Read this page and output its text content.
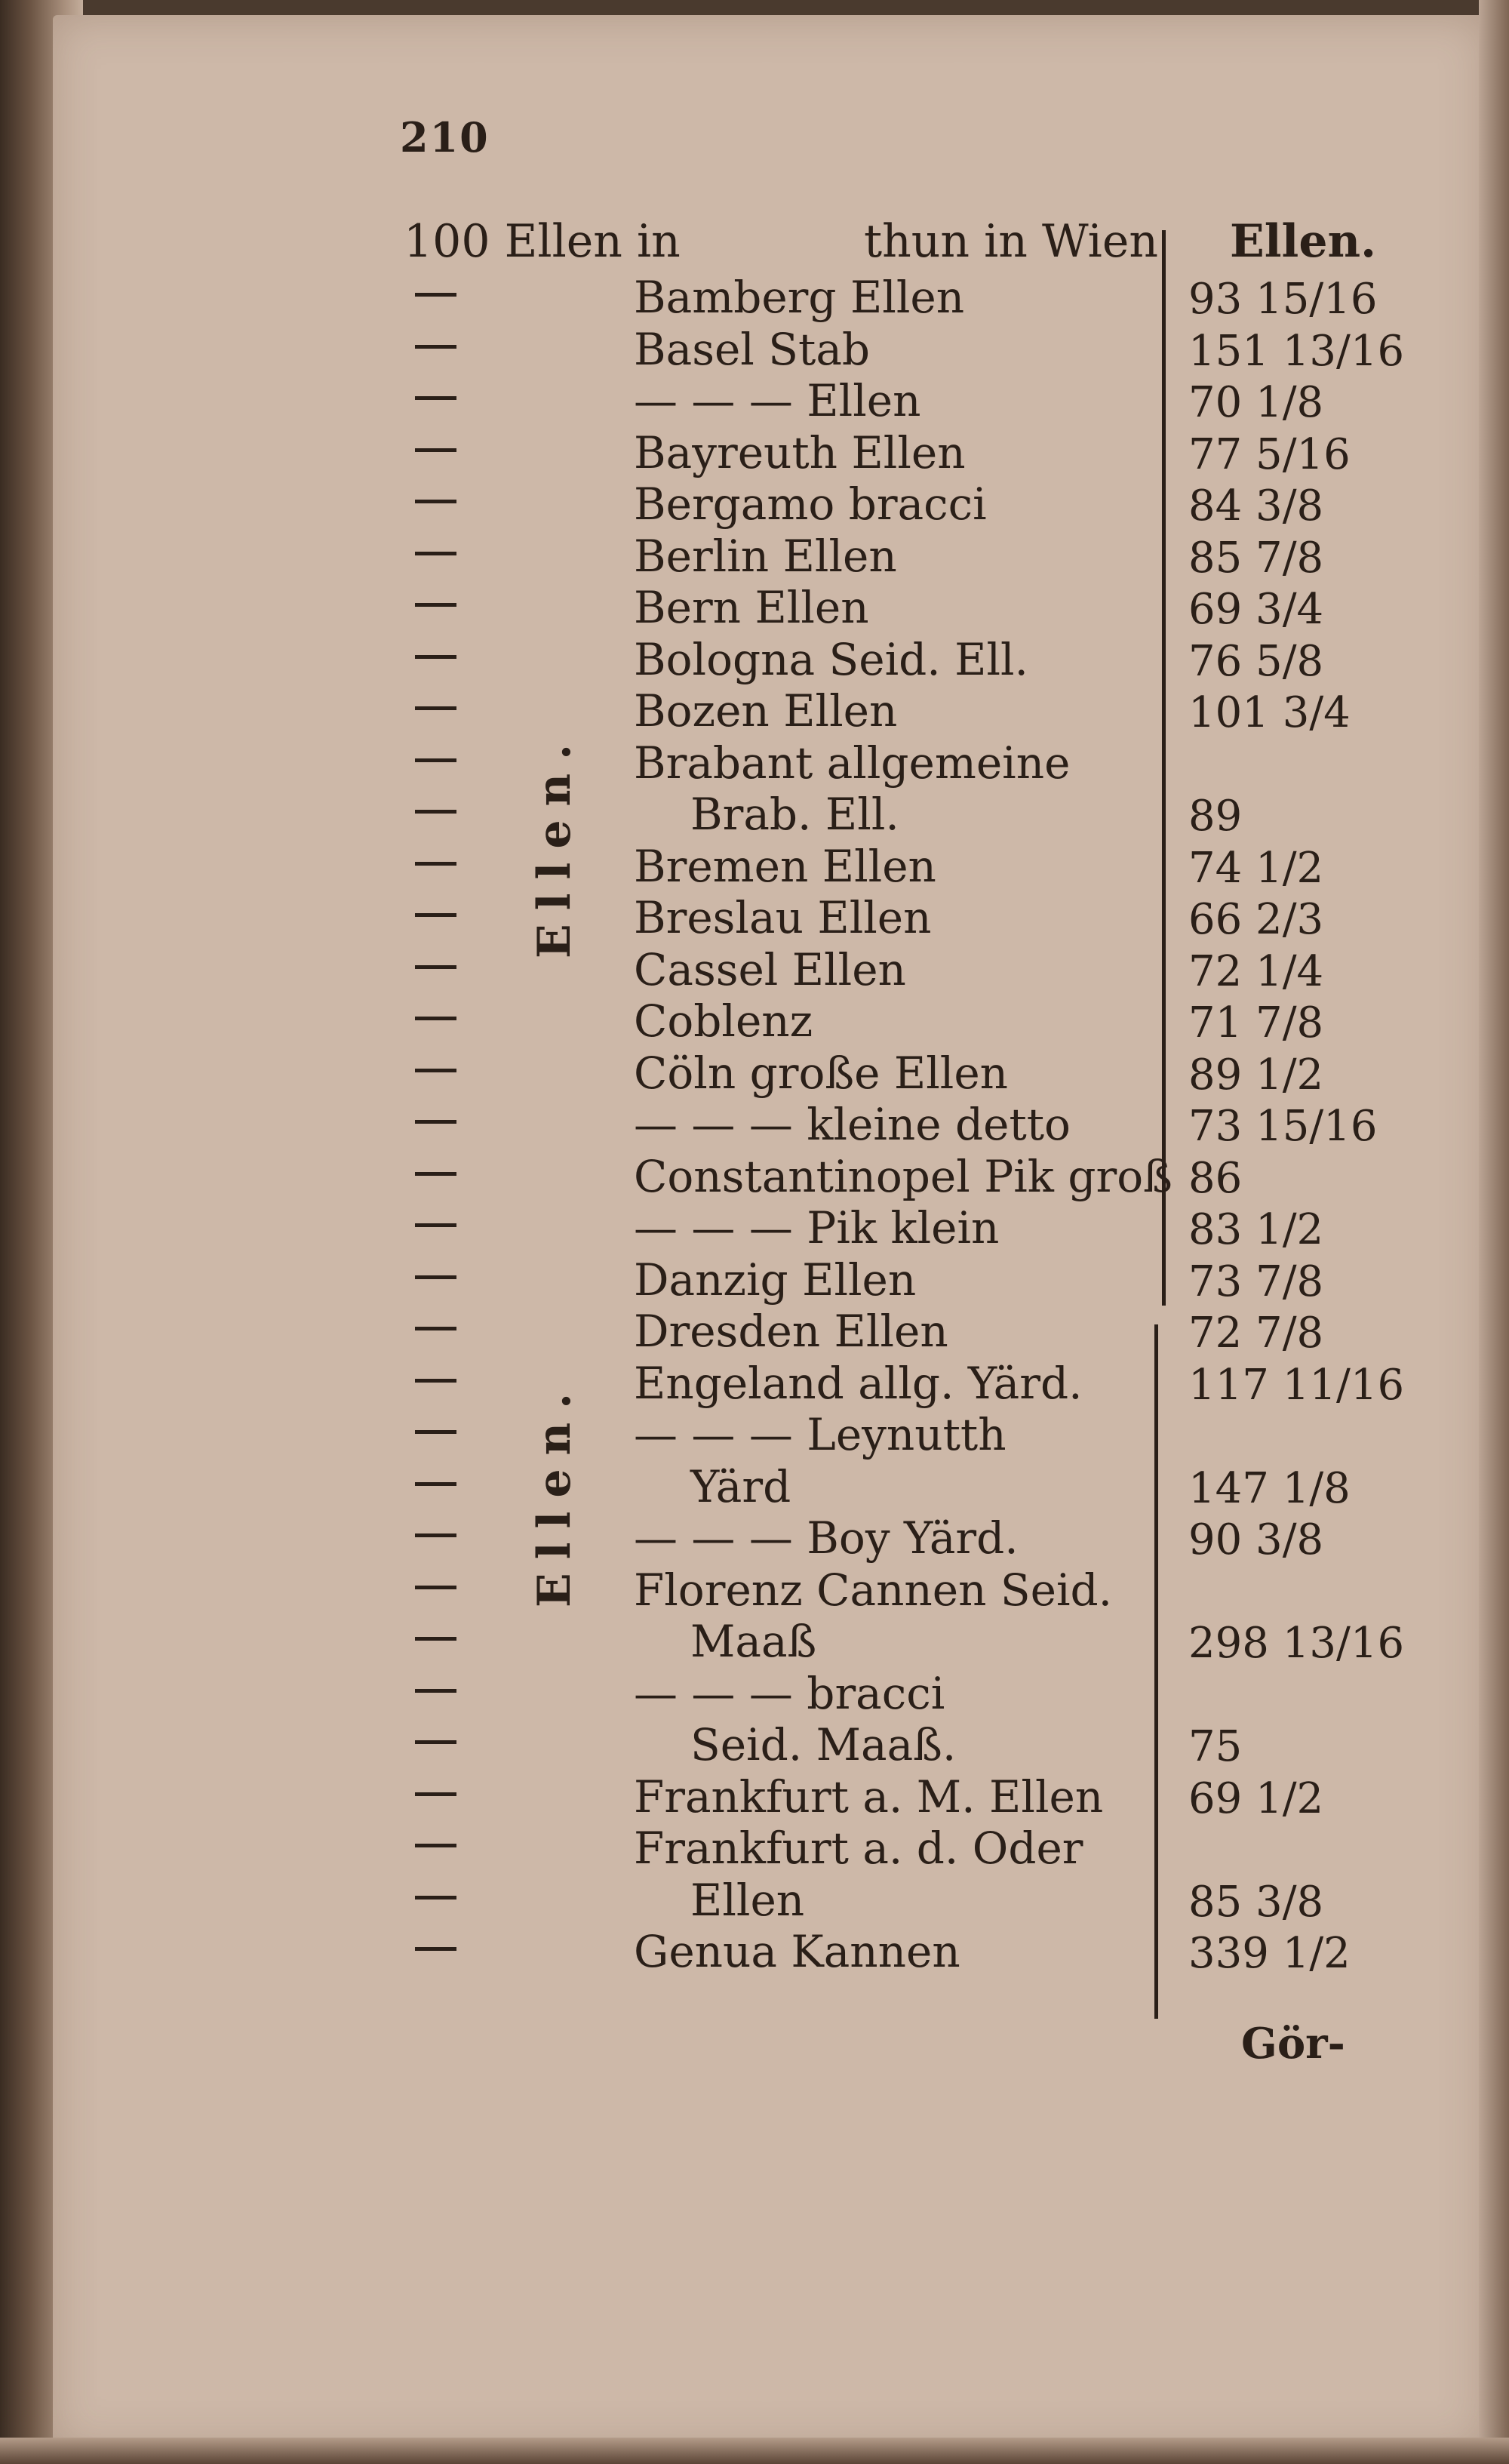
210
100 Ellen in	thun in Wien Ellen.
Ellen.
Ellen.
Bamberg Ellen	93 15/16
Basel Stab	151 13/16
— — — Ellen	70 1/8
Bayreuth Ellen	77 5/16
Bergamo bracci	84 3/8
Berlin Ellen	85 7/8
Bern Ellen	69 3/4
Bologna Seid. Ell.	76 5/8
Bozen Ellen	101 3/4
Brabant allgemeine
Brab. Ell.	89
Bremen Ellen	74 1/2
Breslau Ellen	66 2/3
Cassel Ellen	72 1/4
Coblenz	71 7/8
Cöln große Ellen	89 1/2
— — — kleine detto	73 15/16
Constantinopel Pik groß 86
— — — Pik klein	83 1/2
Danzig Ellen	73 7/8
Dresden Ellen	72 7/8
Engeland allg. Yärd.	117 11/16
— — — Leynutth
Yärd	147 1/8
— — — Boy Yärd.	90 3/8
Florenz Cannen Seid.
Maaß	298 13/16
— — — bracci
Seid. Maaß.	75
Frankfurt a. M. Ellen 69 1/2
Frankfurt a. d. Oder
Ellen	85 3/8
Genua Kannen	339 1/2
Gör-
